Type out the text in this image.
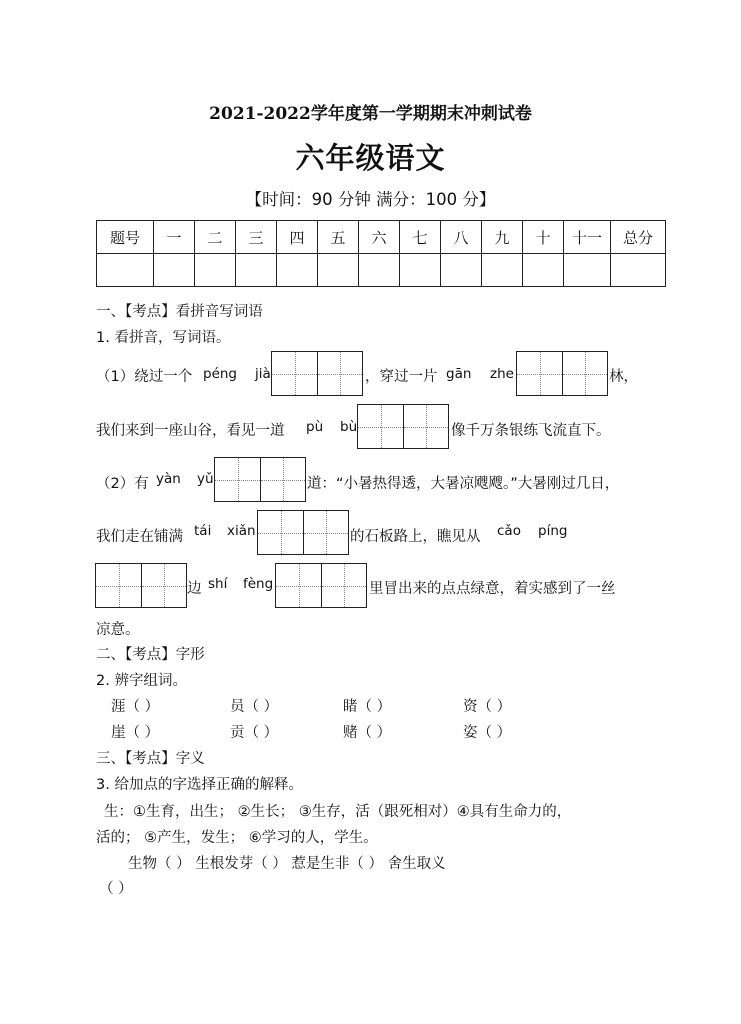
2021-2022学年度第一学期期末冲刺试卷
六年级语文
【时间：90 分钟 满分：100 分】
题号	一	二	三	四	五	六	七	八	九	十	十一	总分

一、【考点】看拼音写词语
1. 看拼音，写词语。
（1）绕过一个 péng jià	，穿过一片 gān zhe	林，
我们来到一座山谷，看见一道 pù bù	像千万条银练飞流直下。
（2）有 yàn yǔ	道：“小暑热得透，大暑凉飕飕。”大暑刚过几日，
我们走在铺满 tái xiǎn	的石板路上，瞧见从 cǎo píng
边 shí fèng	里冒出来的点点绿意，着实感到了一丝
凉意。
二、【考点】字形
2. 辨字组词。
涯（ ）	员（ ）	睹（ ）	资（ ）
崖（ ）	贡（ ）	赌（ ）	姿（ ）
三、【考点】字义
3. 给加点的字选择正确的解释。
生：①生育，出生； ②生长； ③生存，活（跟死相对）④具有生命力的，
活的； ⑤产生，发生； ⑥学习的人，学生。
生物（ ） 生根发芽（ ） 惹是生非（ ） 舍生取义
（ ）
